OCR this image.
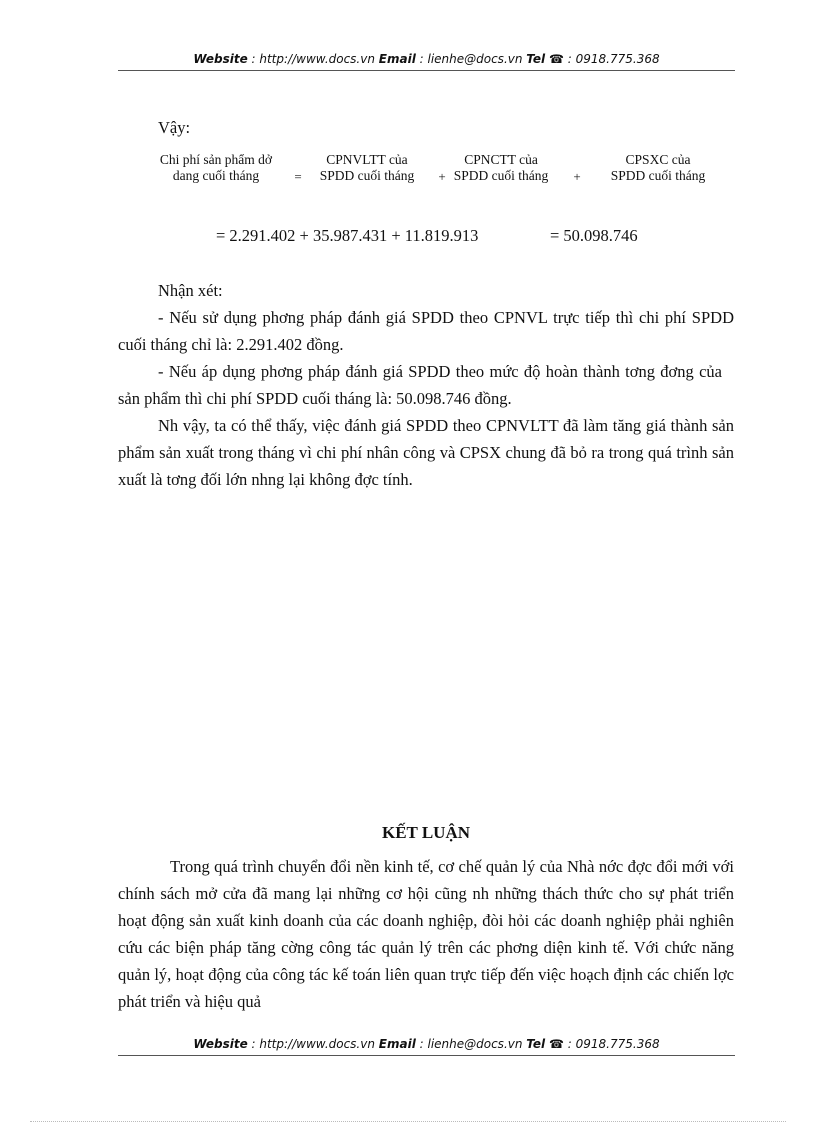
Website : http://www.docs.vn Email : lienhe@docs.vn Tel ☎ : 0918.775.368
Vậy:
Chi phí sản phẩm dở dang cuối tháng	=
CPNVLTT của SPDD cuối tháng	+
CPNCTT của SPDD cuối tháng	+
CPSXC của SPDD cuối tháng
= 2.291.402 + 35.987.431 + 11.819.913	= 50.098.746
Nhận xét:
- Nếu sử dụng phơng pháp đánh giá SPDD theo CPNVL trực tiếp thì chi phí SPDD cuối tháng chỉ là: 2.291.402 đồng.
- Nếu áp dụng phơng pháp đánh giá SPDD theo mức độ hoàn thành tơng đơng của sản phẩm thì chi phí SPDD cuối tháng là: 50.098.746 đồng.
Nh vậy, ta có thể thấy, việc đánh giá SPDD theo CPNVLTT đã làm tăng giá thành sản phẩm sản xuất trong tháng vì chi phí nhân công và CPSX chung đã bỏ ra trong quá trình sản xuất là tơng đối lớn nhng lại không đợc tính.
KẾT LUẬN
Trong quá trình chuyển đổi nền kinh tế, cơ chế quản lý của Nhà nớc đợc đổi mới với chính sách mở cửa đã mang lại những cơ hội cũng nh những thách thức cho sự phát triển hoạt động sản xuất kinh doanh của các doanh nghiệp, đòi hỏi các doanh nghiệp phải nghiên cứu các biện pháp tăng cờng công tác quản lý trên các phơng diện kinh tế. Với chức năng quản lý, hoạt động của công tác kế toán liên quan trực tiếp đến việc hoạch định các chiến lợc phát triển và hiệu quả
Website : http://www.docs.vn Email : lienhe@docs.vn Tel ☎ : 0918.775.368
